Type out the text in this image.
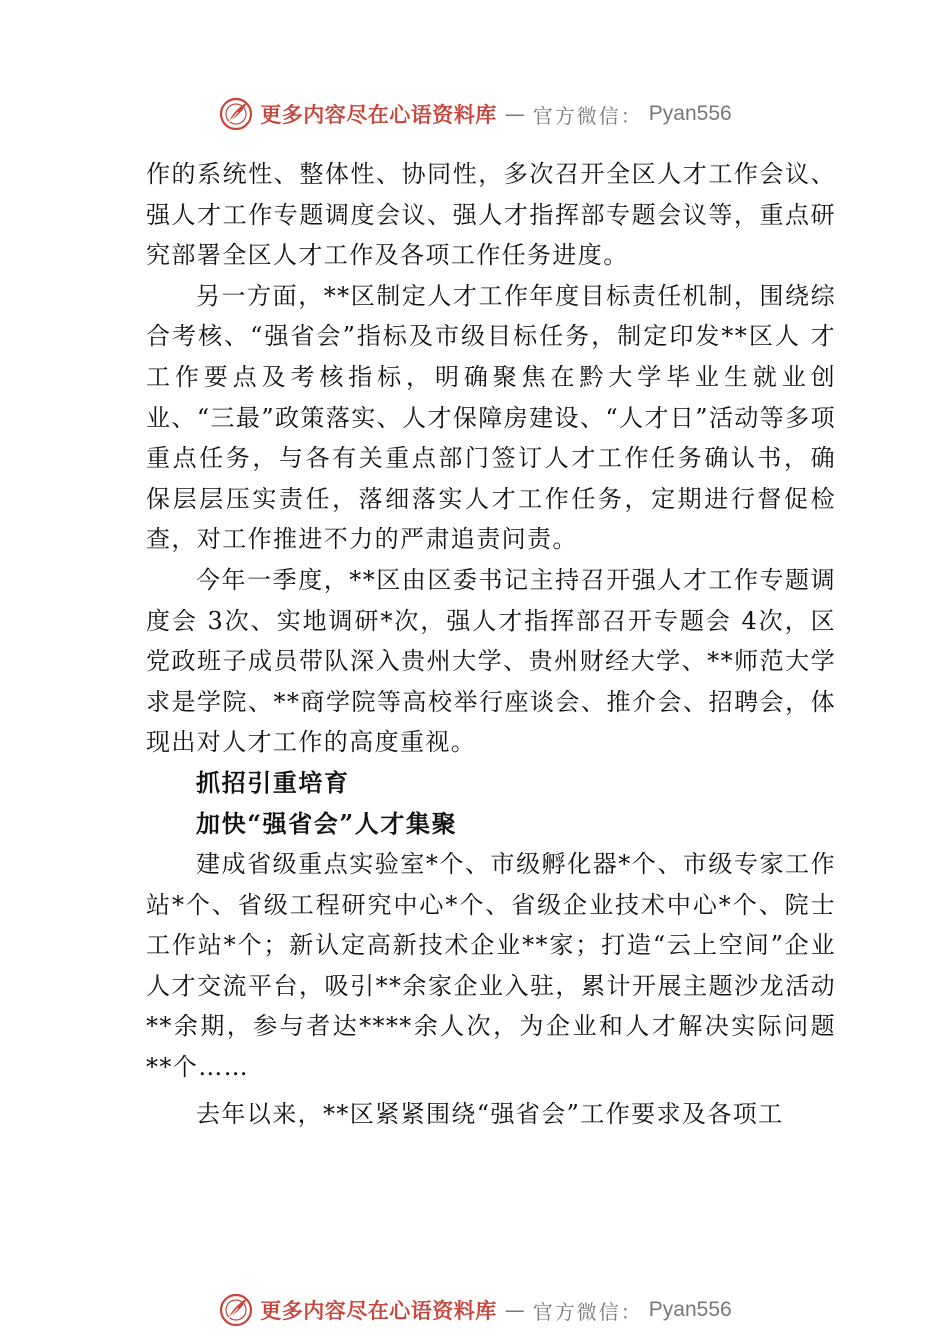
更多内容尽在心语资料库 — 官方微信： Pyan556

作的系统性、整体性、协同性，多次召开全区人才工作会议、强人才工作专题调度会议、强人才指挥部专题会议等，重点研究部署全区人才工作及各项工作任务进度。

另一方面，**区制定人才工作年度目标责任机制，围绕综合考核、“强省会”指标及市级目标任务，制定印发**区人 才工作要点及考核指标，明确聚焦在黔大学毕业生就业创业、“三最”政策落实、人才保障房建设、“人才日”活动等多项重点任务，与各有关重点部门签订人才工作任务确认书，确 保层层压实责任，落细落实人才工作任务，定期进行督促检 查，对工作推进不力的严肃追责问责。

今年一季度，**区由区委书记主持召开强人才工作专题调度会 3次、实地调研*次，强人才指挥部召开专题会 4次，区党政班子成员带队深入贵州大学、贵州财经大学、**师范大学求是学院、**商学院等高校举行座谈会、推介会、招聘会，体现出对人才工作的高度重视。

抓招引重培育

加快“强省会”人才集聚

建成省级重点实验室*个、市级孵化器*个、市级专家工作站*个、省级工程研究中心*个、省级企业技术中心*个、院士工作站*个；新认定高新技术企业**家；打造“云上空间”企业人才交流平台，吸引**余家企业入驻，累计开展主题沙龙活动**余期，参与者达****余人次，为企业和人才解决实际问题**个……

去年以来，**区紧紧围绕“强省会”工作要求及各项工

更多内容尽在心语资料库 — 官方微信： Pyan556
